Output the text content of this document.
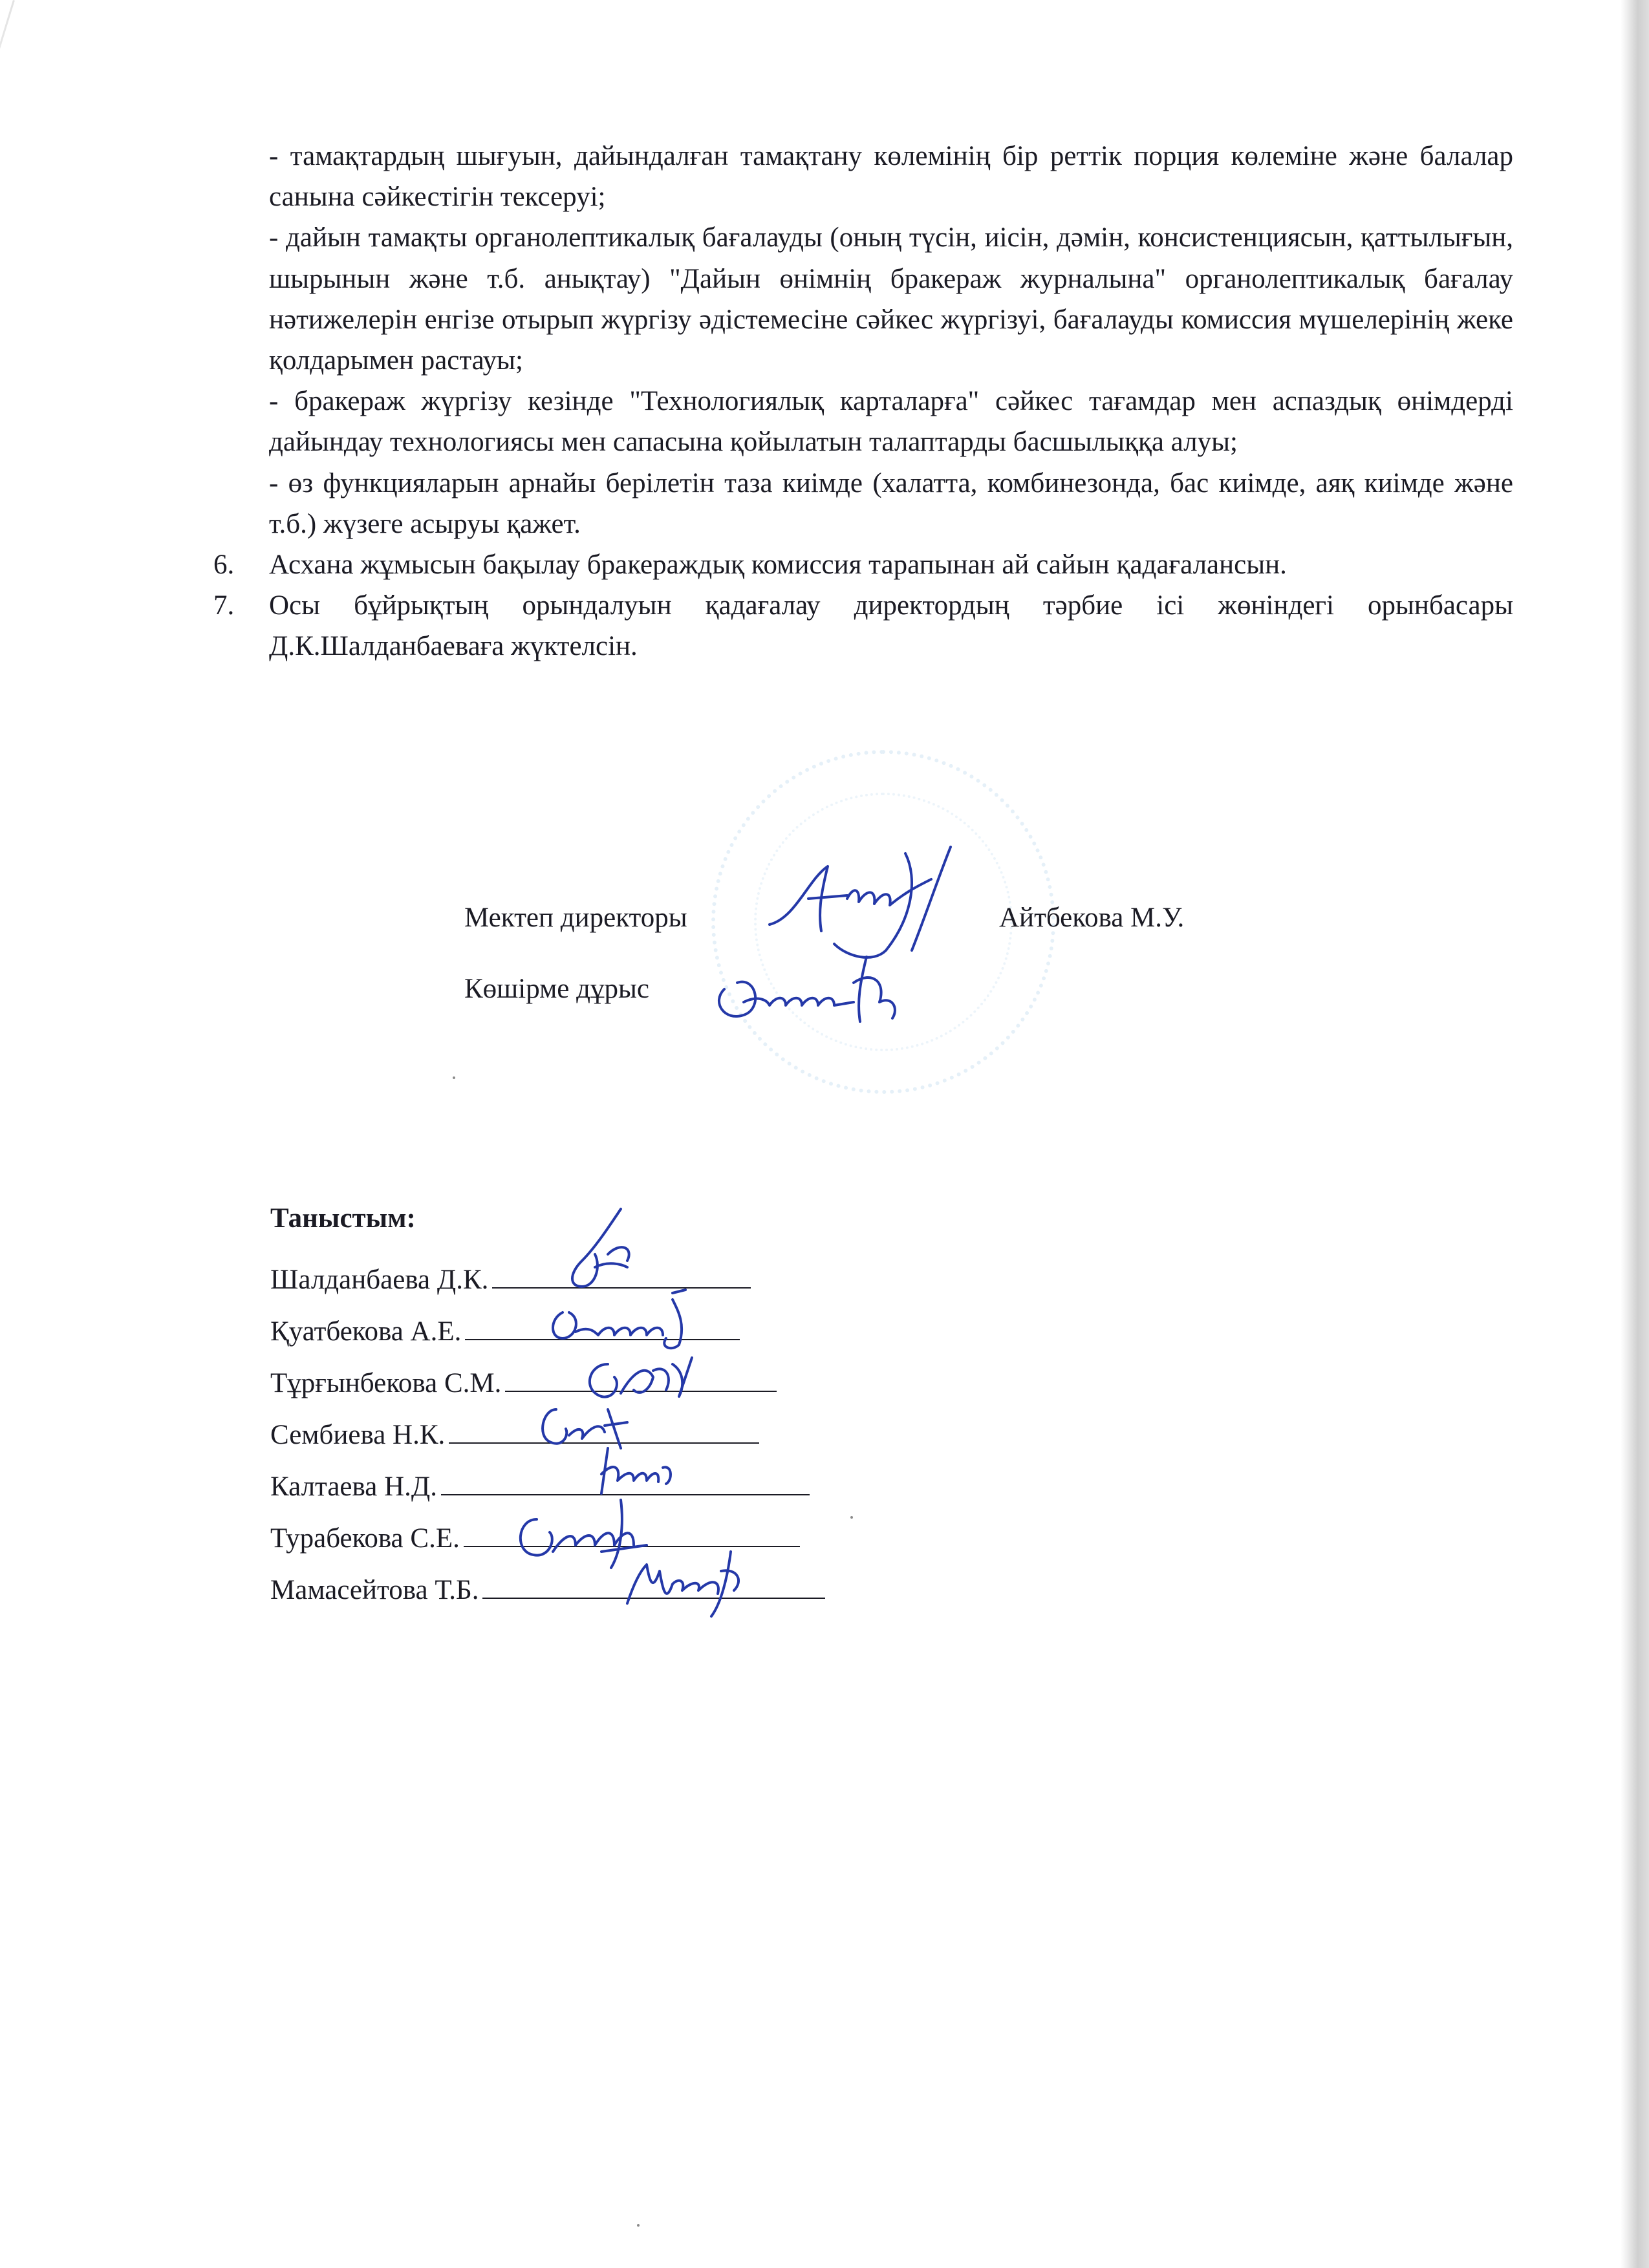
- тамақтардың шығуын, дайындалған тамақтану көлемінің бір реттік порция көлеміне және балалар санына сәйкестігін тексеруі;

- дайын тамақты органолептикалық бағалауды (оның түсін, иісін, дәмін, консистенциясын, қаттылығын, шырынын және т.б. анықтау) "Дайын өнімнің бракераж журналына" органолептикалық бағалау нәтижелерін енгізе отырып жүргізу әдістемесіне сәйкес жүргізуі, бағалауды комиссия мүшелерінің жеке қолдарымен растауы;

- бракераж жүргізу кезінде "Технологиялық карталарға" сәйкес тағамдар мен аспаздық өнімдерді дайындау технологиясы мен сапасына қойылатын талаптарды басшылыққа алуы;

- өз функцияларын арнайы берілетін таза киімде (халатта, комбинезонда, бас киімде, аяқ киімде және т.б.) жүзеге асыруы қажет.

6.	Асхана жұмысын бақылау бракераждық комиссия тарапынан ай сайын қадағалансын.
7.	Осы бұйрықтың орындалуын қадағалау директордың тәрбие ісі жөніндегі орынбасары Д.К.Шалданбаеваға жүктелсін.
Мектеп директоры	Айтбекова М.У.
Көшірме дұрыс
Таныстым:
Шалданбаева Д.К.
Қуатбекова А.Е.
Тұрғынбекова С.М.
Сембиева Н.К.
Калтаева Н.Д.
Турабекова С.Е.
Мамасейтова Т.Б.
